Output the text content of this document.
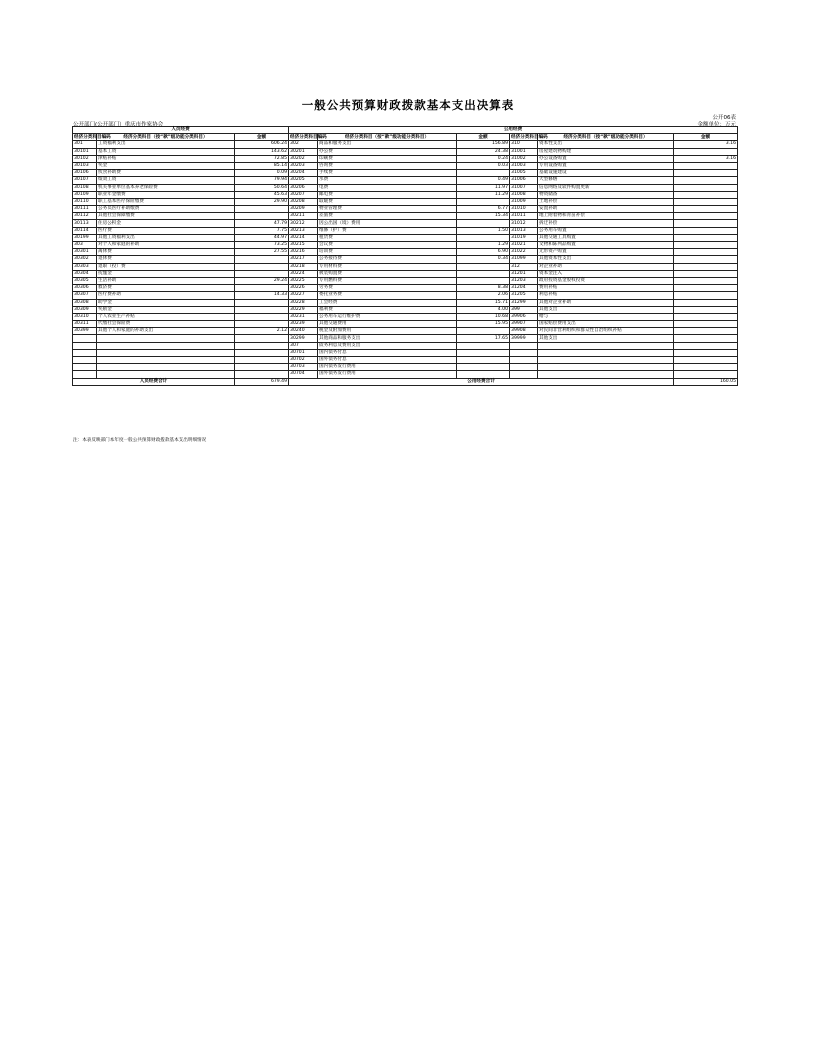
一般公共预算财政拨款基本支出决算表
公开06表
公开部门(公开部门）重庆市作家协会	金额单位：万元
人员经费			公用经费					
经济分类科目编码	经济分类科目（按“款”级功能分类科目）	金额	经济分类科目编码	经济分类科目（按“款”级功能分类科目）	金额	经济分类科目编码	经济分类科目（按“款”级功能分类科目）	金额
301	工资福利支出	606.24	302	商品和服务支出	156.89	310	资本性支出	3.16
30101	基本工资	143.62	30201	办公费	24.38	31001	房屋建筑物购建	
30102	津贴补贴	72.85	30202	印刷费	0.24	31002	办公设备购置	3.16
30103	奖金	85.14	30203	咨询费	0.03	31003	专用设备购置	
30106	伙食补助费	0.09	30204	手续费		31005	基础设施建设	
30107	绩效工资	79.94	30205	水费	0.49	31006	大型修缮	
30108	机关事业单位基本养老保险费	50.64	30206	电费	11.97	31007	信息网络及软件购置更新	
30109	职业年金缴费	45.63	30207	邮电费	11.29	31008	物资储备	
30110	职工基本医疗保险缴费	29.90	30208	取暖费		31009	土地补偿	
30111	公务员医疗补助缴费		30209	物业管理费	6.77	31010	安置补助	
30112	其他社会保障缴费		30211	差旅费	15.34	31011	地上附着物和青苗补偿	
30113	住房公积金	47.79	30212	因公出国（境）费用		31012	拆迁补偿	
30114	医疗费	7.75	30213	维修（护）费	1.50	31013	公务用车购置	
30199	其他工资福利支出	44.97	30214	租赁费		31019	其他交通工具购置	
303	对个人和家庭的补助	73.25	30215	会议费	1.29	31021	文物和陈列品购置	
30301	离休费	27.55	30216	培训费	6.90	31022	无形资产购置	
30302	退休费		30217	公务接待费	0.34	31099	其他资本性支出	
30303	退职（役）费		30218	专用材料费		312	对企业补助	
30304	抚恤金		30224	被装购置费		31201	资本金注入	
30305	生活补助	29.24	30225	专用燃料费		31203	政府投资基金股权投资	
30306	救济费		30226	劳务费	8.38	31204	费用补贴	
30307	医疗费补助	14.33	30227	委托业务费	2.06	31205	利息补贴	
30308	助学金		30228	工会经费	15.71	31299	其他对企业补助	
30309	奖励金		30229	福利费	4.00	399	其他支出	
30310	个人农业生产补贴		30231	公务用车运行维护费	10.68	39906	赠与	
30311	代缴社会保险费		30239	其他交通费用	15.95	39907	国家赔偿费用支出	
30399	其他个人和家庭的补助支出	2.12	30240	税金及附加费用		39908	对民间非营利组织和群众性自治组织补贴	
			30299	其他商品和服务支出	17.65	39999	其他支出	
			307	债务利息及费用支出				
			30701	国内债务付息				
			30702	国外债务付息				
			30703	国内债务发行费用				
			30704	国外债务发行费用				
人员经费合计		679.49	公用经费合计					160.05
注：本表反映部门本年度一般公共预算财政拨款基本支出明细情况
